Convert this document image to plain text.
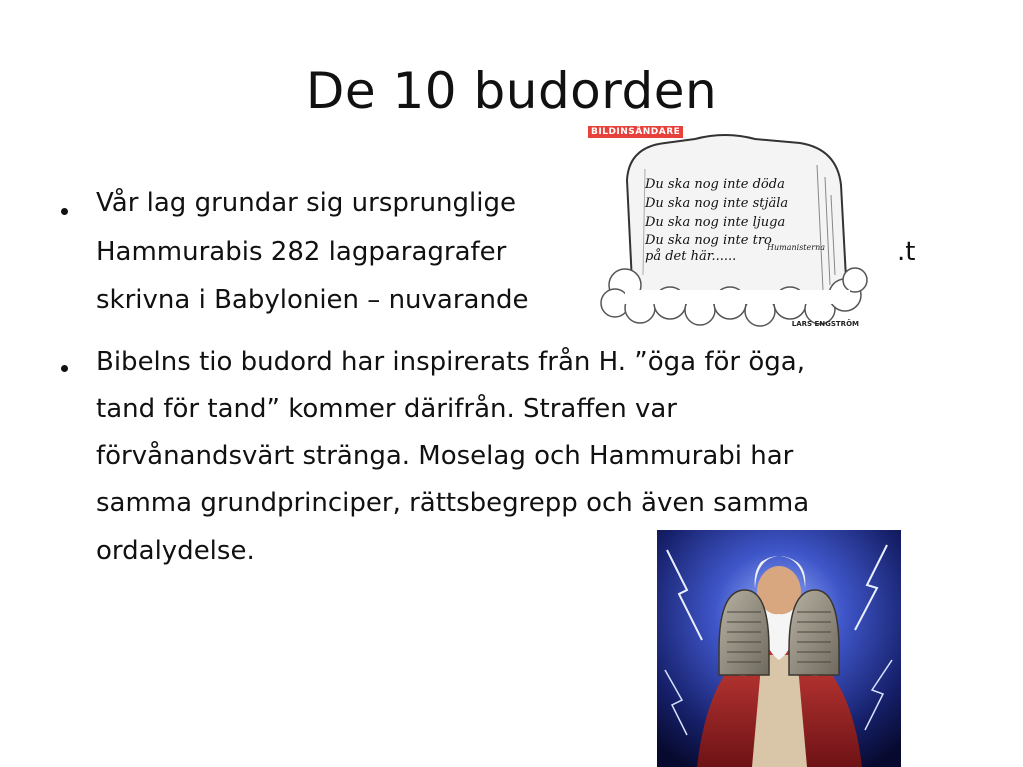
De 10 budorden
Vår lag grundar sig ursprunglige
Hammurabis 282 lagparagrafer	.t
skrivna i Babylonien – nuvarande
Bibelns tio budord har inspirerats från H. ”öga för öga,
tand för tand” kommer därifrån. Straffen var
förvånandsvärt stränga. Moselag och Hammurabi har
samma grundprinciper, rättsbegrepp och även samma
ordalydelse.
BILDINSÄNDARE
Du ska nog inte döda
Du ska nog inte stjäla
Du ska nog inte ljuga
Du ska nog inte tro
på det här......
Humanisterna
LARS ENGSTRÖM
